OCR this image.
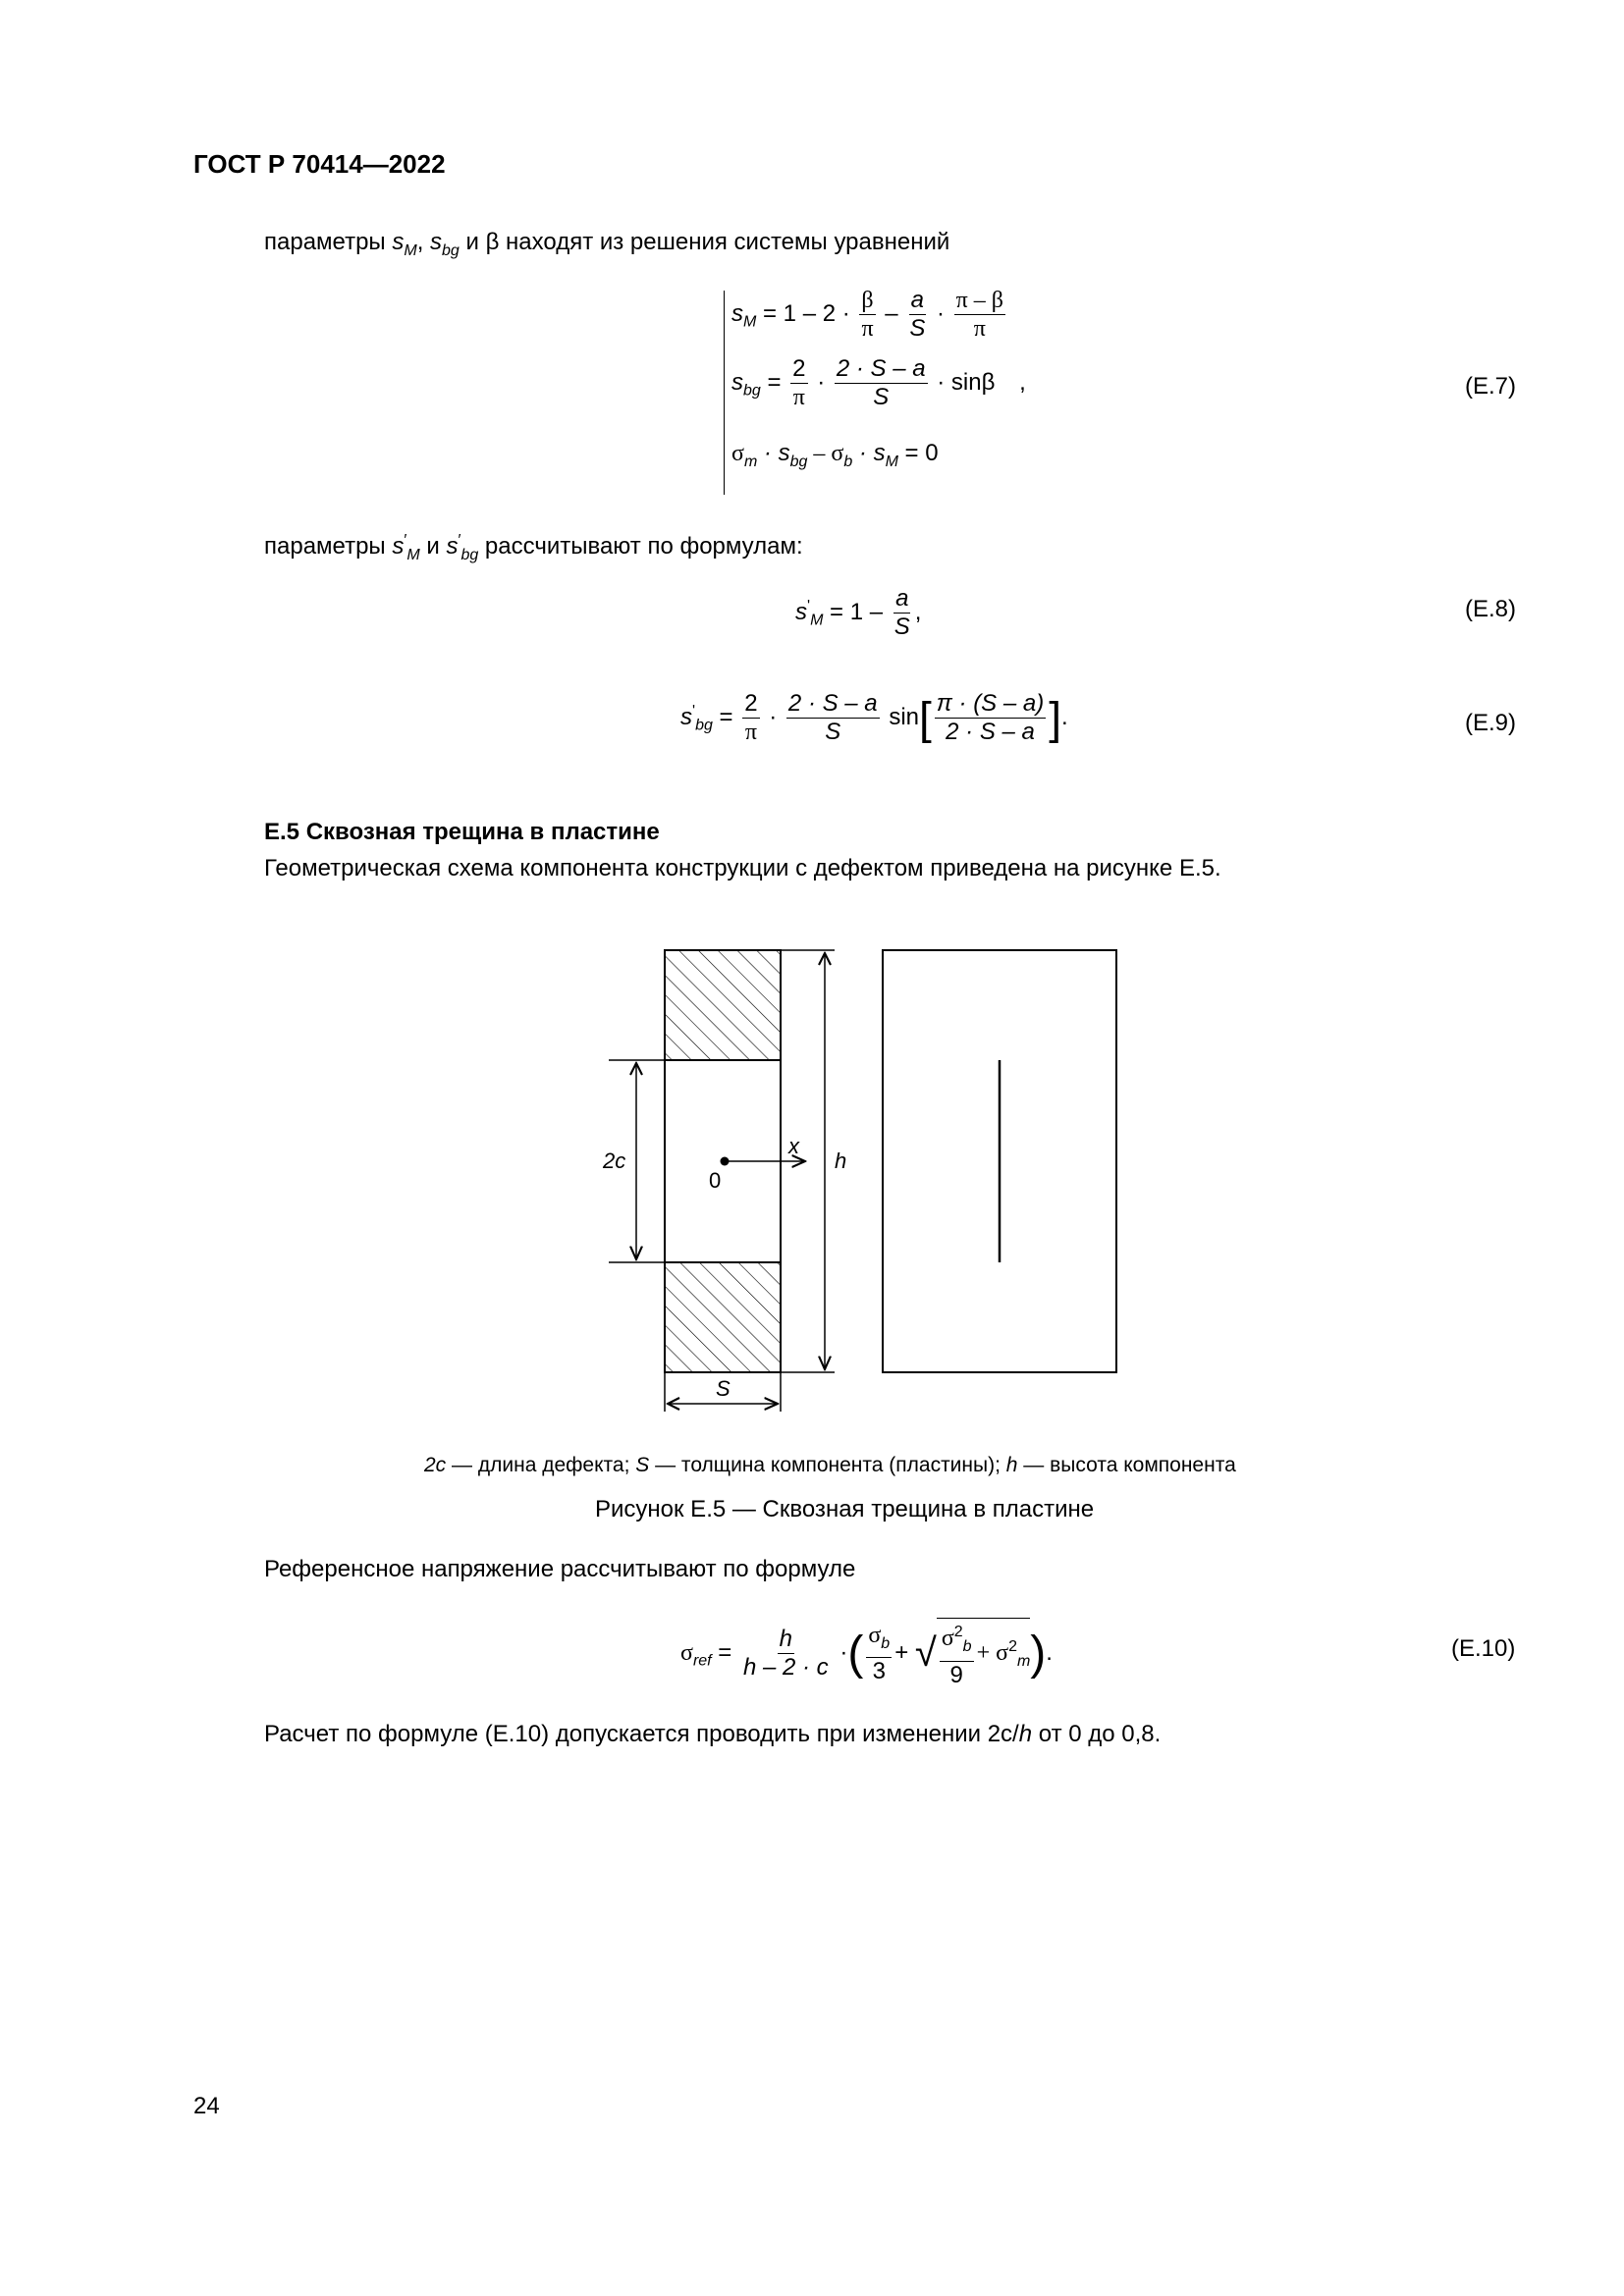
ГОСТ Р 70414—2022
параметры $s_M$, $s_{bg}$ и β находят из решения системы уравнений
$s_M = 1 - 2 \cdot \frac{\beta}{\pi} - \frac{a}{S} \cdot \frac{\pi - \beta}{\pi}$
$s_{bg} = \frac{2}{\pi} \cdot \frac{2 \cdot S - a}{S} \cdot \sin\beta$ ,
$\sigma_m \cdot s_{bg} - \sigma_b \cdot s_M = 0$
(Е.7)
параметры $s'_M$ и $s'_{bg}$ рассчитывают по формулам:
$s'_M = 1 - \frac{a}{S}$ ,	(Е.8)
$s'_{bg} = \frac{2}{\pi} \cdot \frac{2 \cdot S - a}{S} \sin[ \frac{\pi \cdot (S - a)}{2 \cdot S - a}$ ].	(Е.9)
Е.5 Сквозная трещина в пластине
Геометрическая схема компонента конструкции с дефектом приведена на рисунке Е.5.
2c
0
x
h
S
2c — длина дефекта; S — толщина компонента (пластины); h — высота компонента
Рисунок Е.5 — Сквозная трещина в пластине
Референсное напряжение рассчитывают по формуле
$\sigma_{ref} = \frac{h}{h - 2 \cdot c}$ ·( $\frac{\sigma_b}{3}$ + √ $\frac{\sigma^2_b}{9} + \sigma^2_m$).	(Е.10)
Расчет по формуле (Е.10) допускается проводить при изменении 2c/h от 0 до 0,8.
24
